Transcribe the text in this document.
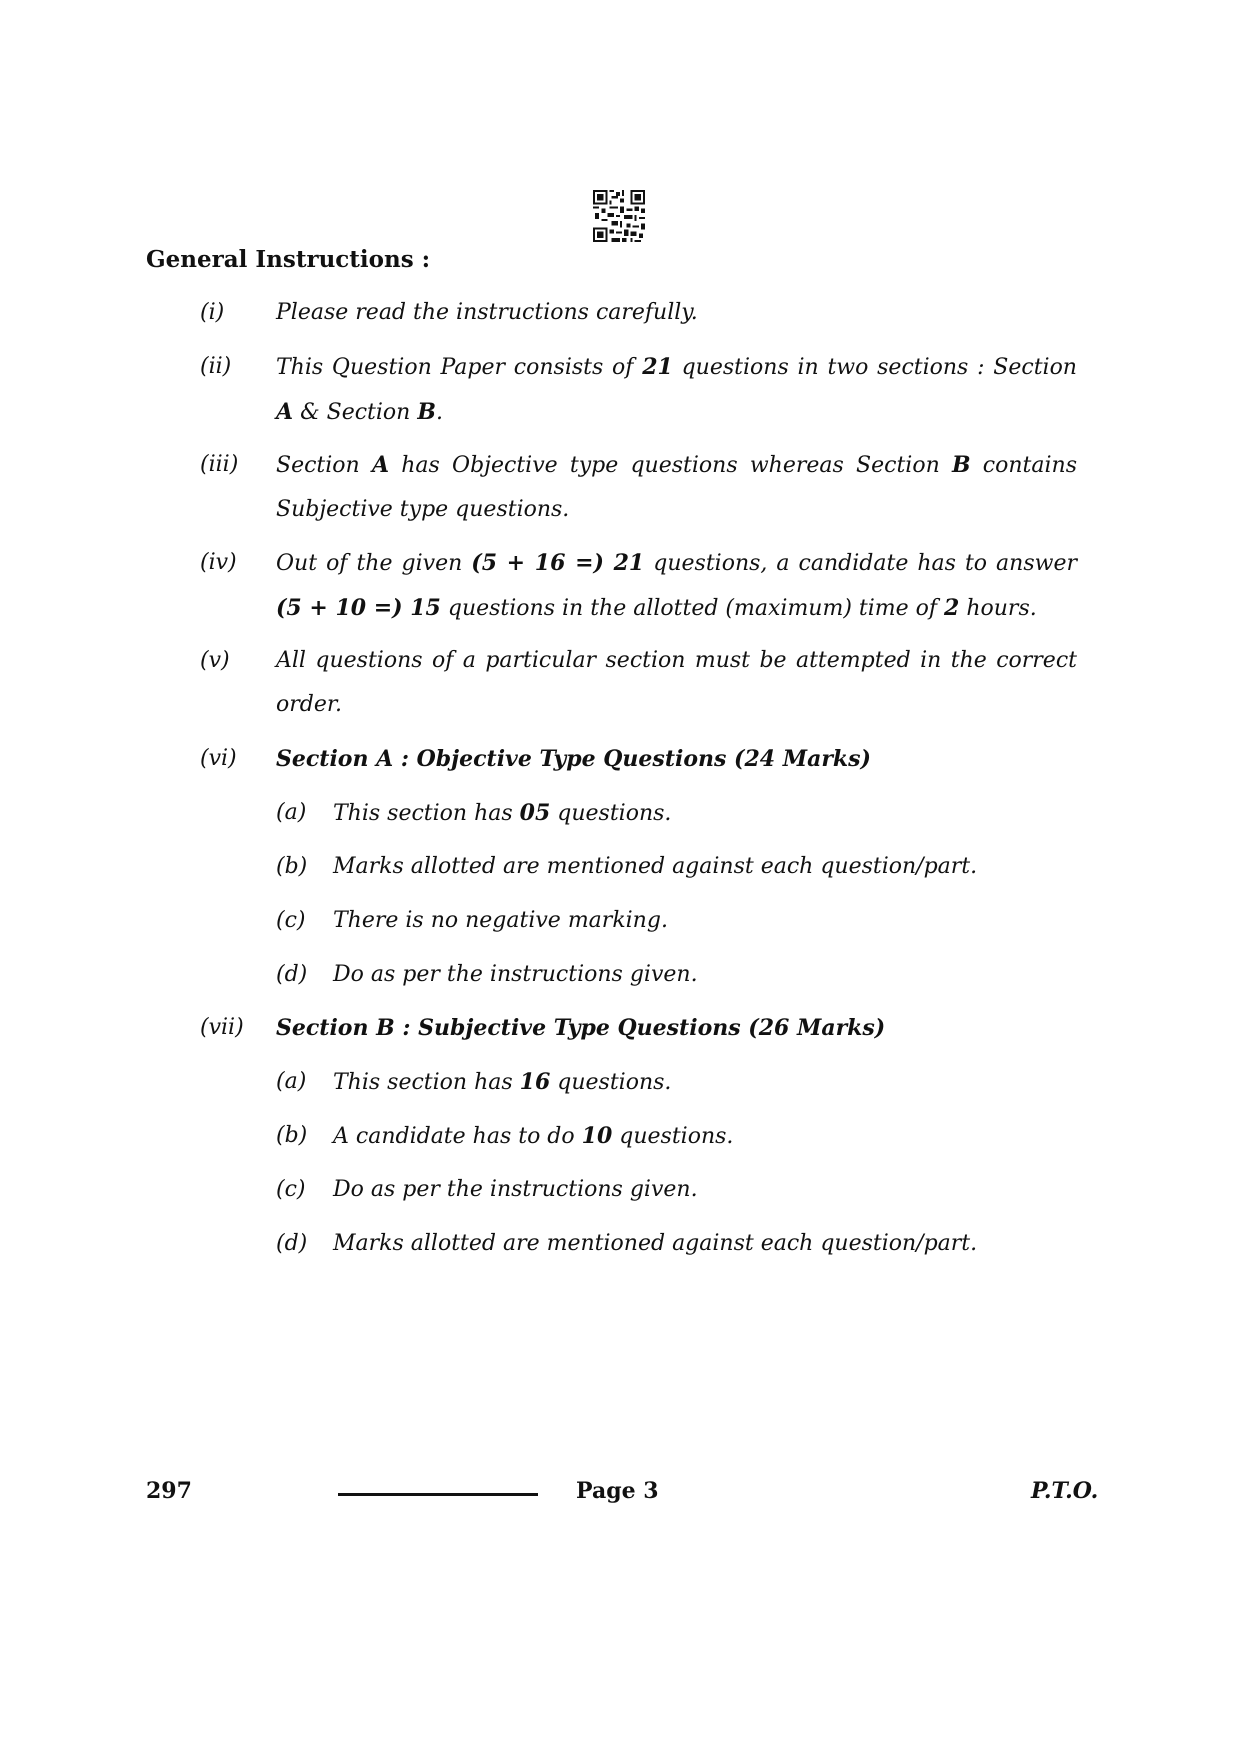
General Instructions :
(i)	Please read the instructions carefully.
(ii)	This Question Paper consists of 21 questions in two sections : Section A & Section B.
(iii)	Section A has Objective type questions whereas Section B contains Subjective type questions.
(iv)	Out of the given (5 + 16 =) 21 questions, a candidate has to answer (5 + 10 =) 15 questions in the allotted (maximum) time of 2 hours.
(v)	All questions of a particular section must be attempted in the correct order.
(vi)	Section A : Objective Type Questions (24 Marks)
(a)	This section has 05 questions.
(b)	Marks allotted are mentioned against each question/part.
(c)	There is no negative marking.
(d)	Do as per the instructions given.
(vii)	Section B : Subjective Type Questions (26 Marks)
(a)	This section has 16 questions.
(b)	A candidate has to do 10 questions.
(c)	Do as per the instructions given.
(d)	Marks allotted are mentioned against each question/part.
297	Page 3	P.T.O.
